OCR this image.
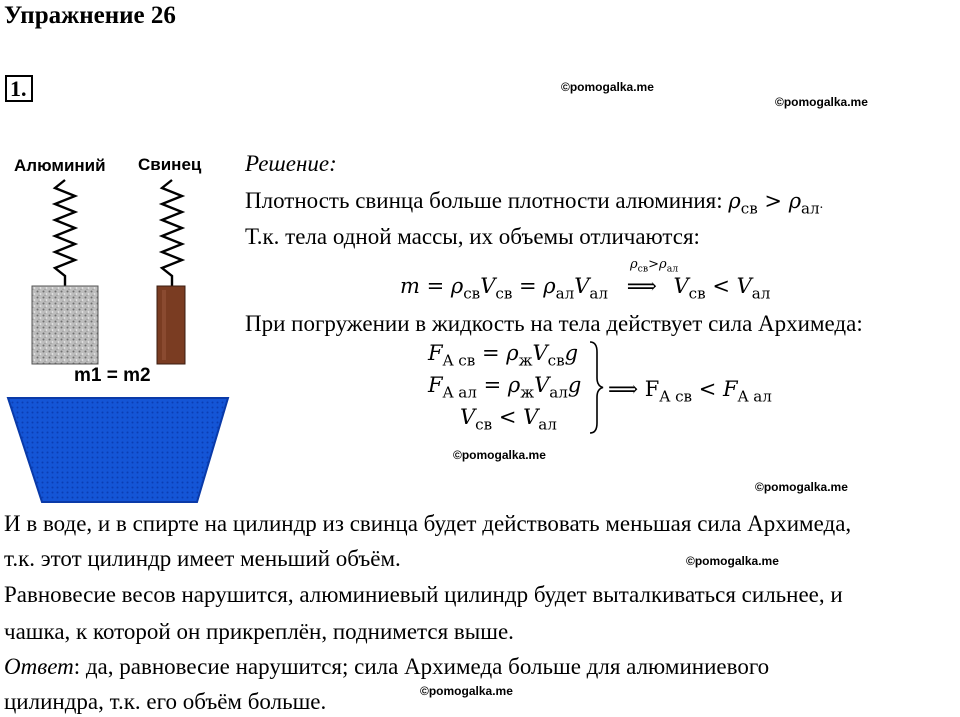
Упражнение 26
1.	©pomogalka.me
©pomogalka.me
©pomogalka.me
©pomogalka.me
©pomogalka.me
©pomogalka.me
Алюминий Свинец
m1 = m2
Решение:
Плотность свинца больше плотности алюминия: $\rho_{св} > \rho_{ал}$.
Т.к. тела одной массы, их объемы отличаются:
$\rho_{св}>\rho_{ал}$
$m = \rho_{св}V_{св} = \rho_{ал}V_{ал}$ ⟹ $V_{св} < V_{ал}$
При погружении в жидкость на тела действует сила Архимеда:
$F_{A св} = \rho_жV_{св}g$
$F_{A ал} = \rho_жV_{ал}g$
$V_{св} < V_{ал}$
⟹ $F_{A св} < F_{A ал}$
И в воде, и в спирте на цилиндр из свинца будет действовать меньшая сила Архимеда,
т.к. этот цилиндр имеет меньший объём.
Равновесие весов нарушится, алюминиевый цилиндр будет выталкиваться сильнее, и
чашка, к которой он прикреплён, поднимется выше.
Ответ: да, равновесие нарушится; сила Архимеда больше для алюминиевого
цилиндра, т.к. его объём больше.
